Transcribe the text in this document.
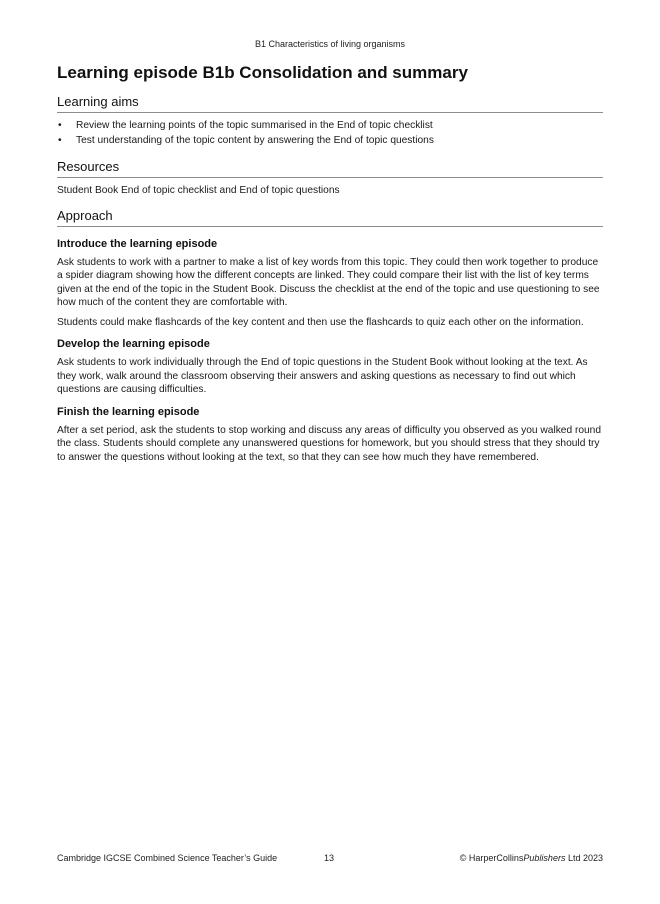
B1 Characteristics of living organisms
Learning episode B1b Consolidation and summary
Learning aims
• Review the learning points of the topic summarised in the End of topic checklist
• Test understanding of the topic content by answering the End of topic questions
Resources

Student Book End of topic checklist and End of topic questions

Approach
Introduce the learning episode

Ask students to work with a partner to make a list of key words from this topic. They could then work together to produce a spider diagram showing how the different concepts are linked. They could compare their list with the list of key terms given at the end of the topic in the Student Book. Discuss the checklist at the end of the topic and use questioning to see how much of the content they are comfortable with.

Students could make flashcards of the key content and then use the flashcards to quiz each other on the information.

Develop the learning episode

Ask students to work individually through the End of topic questions in the Student Book without looking at the text. As they work, walk around the classroom observing their answers and asking questions as necessary to find out which questions are causing difficulties.

Finish the learning episode

After a set period, ask the students to stop working and discuss any areas of difficulty you observed as you walked round the class. Students should complete any unanswered questions for homework, but you should stress that they should try to answer the questions without looking at the text, so that they can see how much they have remembered.

Cambridge IGCSE Combined Science Teacher’s Guide	13	© HarperCollinsPublishers Ltd 2023
